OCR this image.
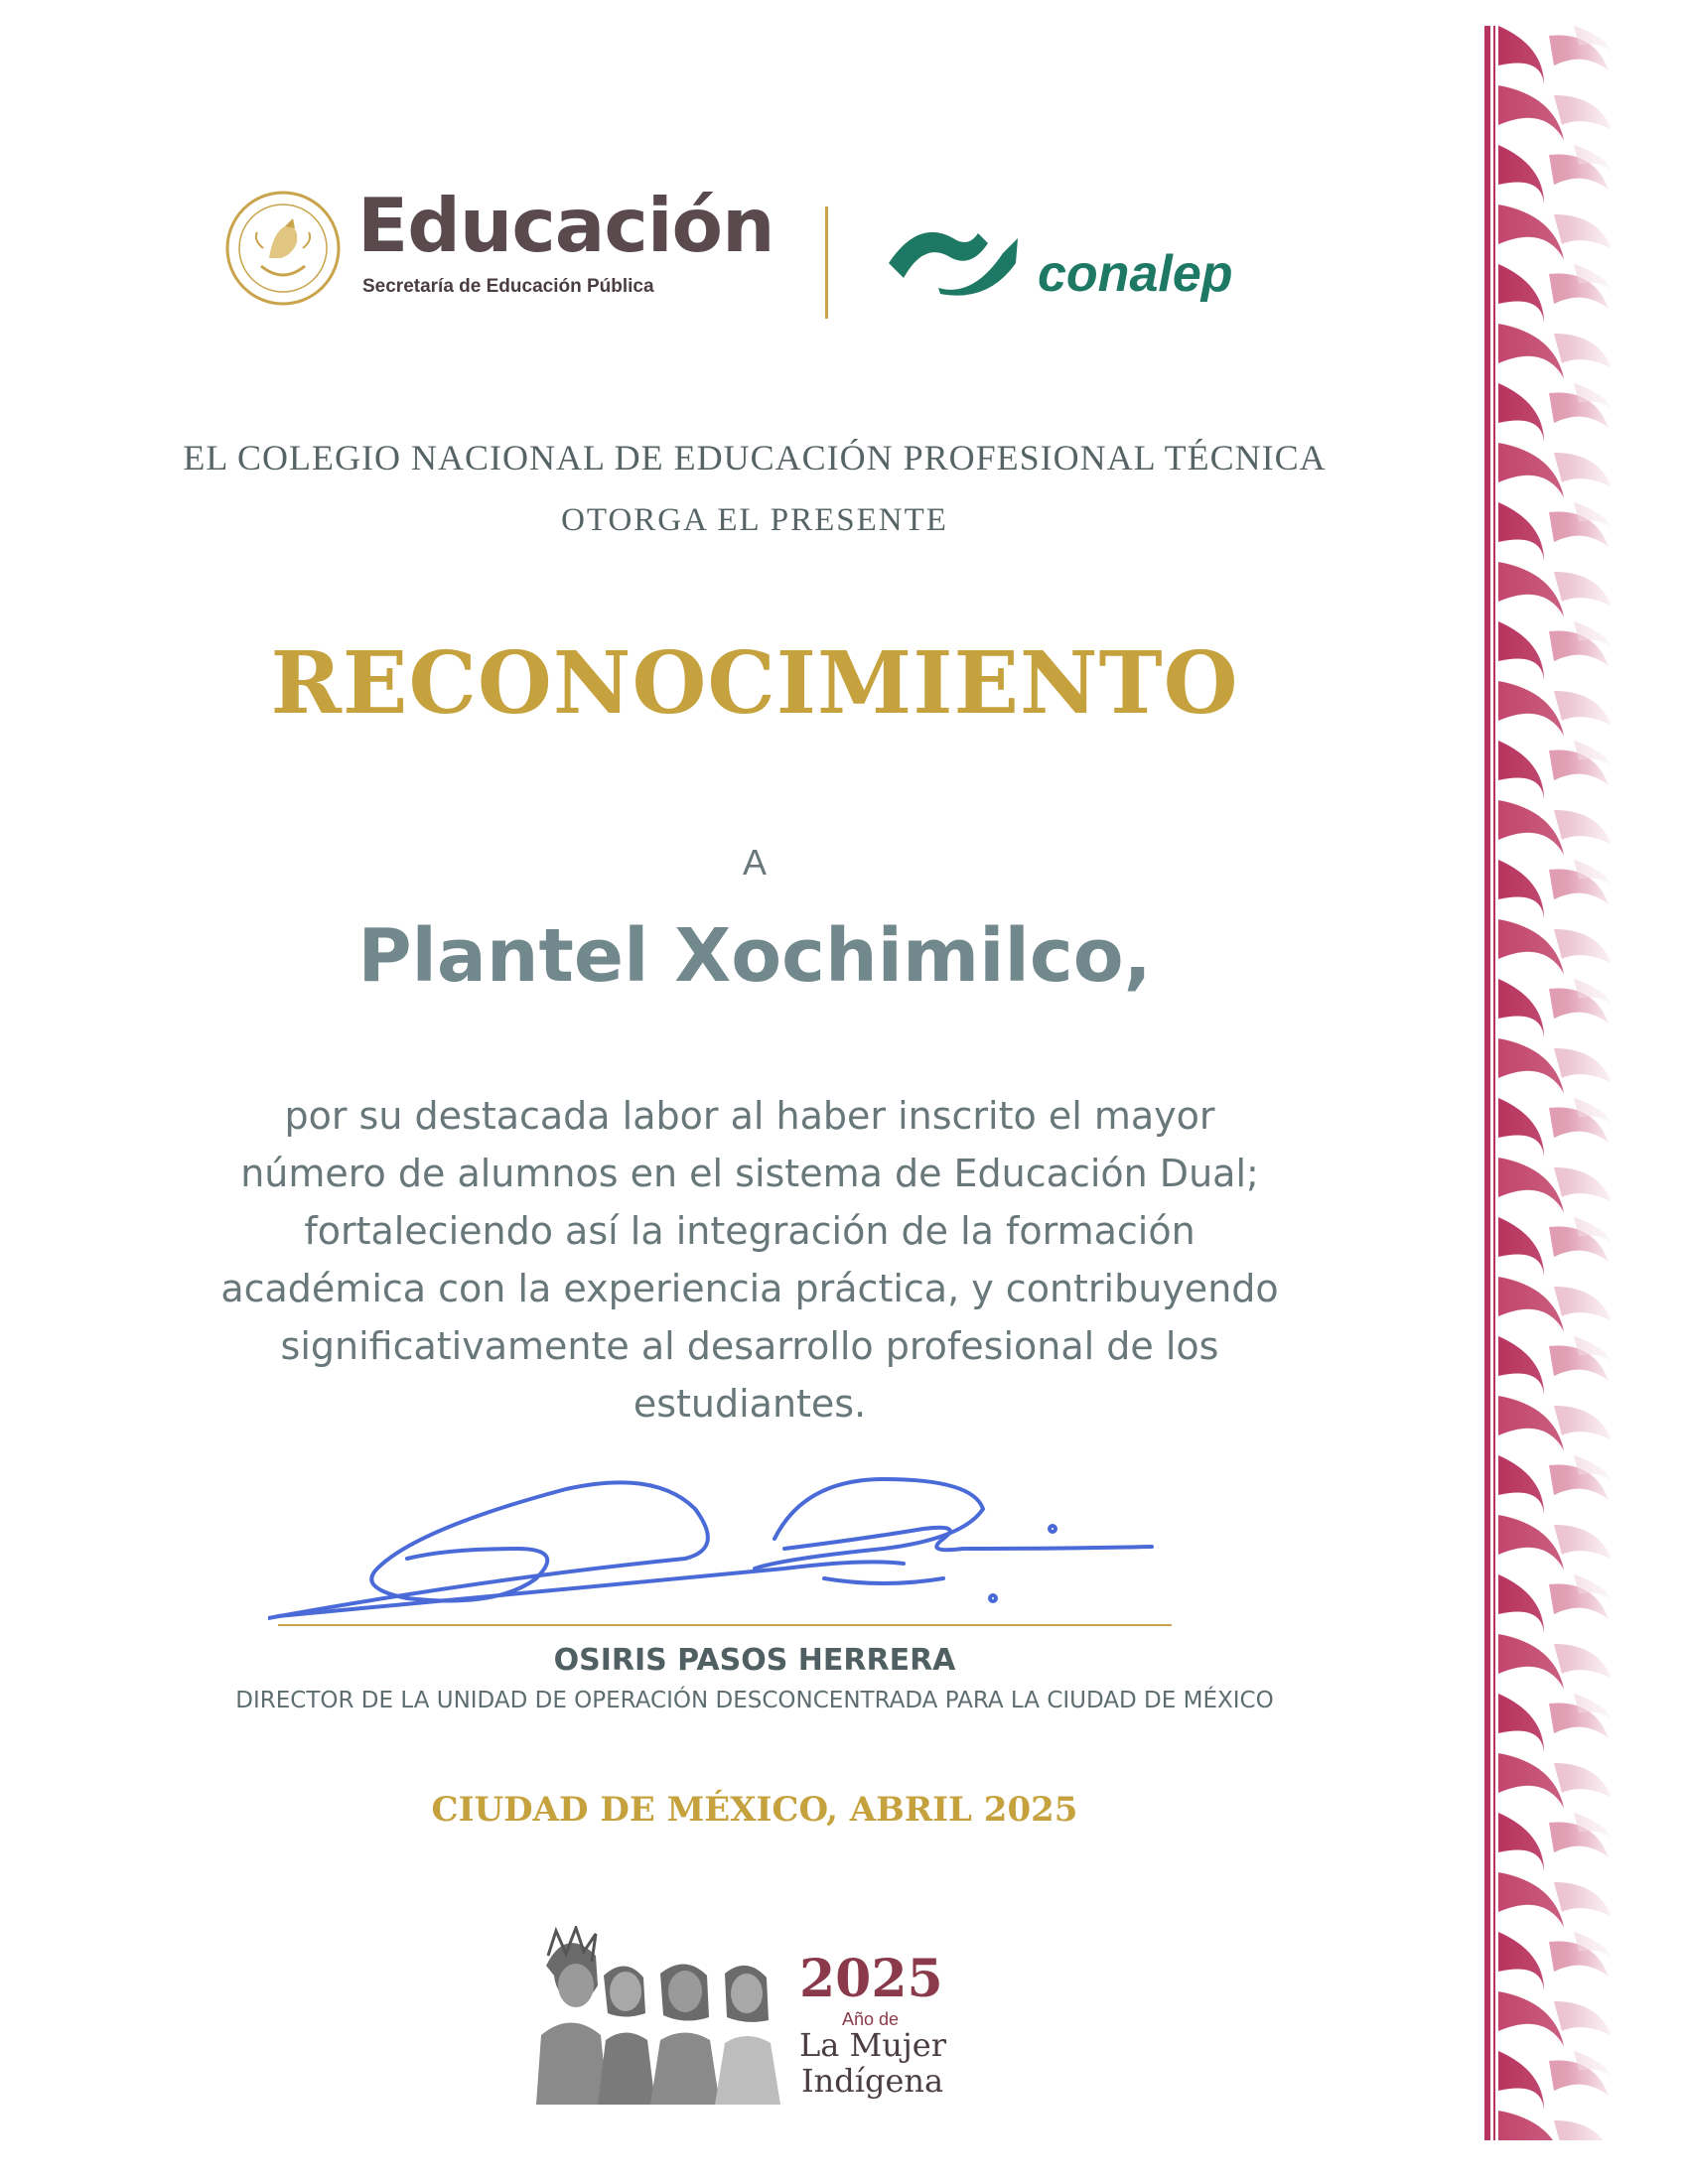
Educación
Secretaría de Educación Pública	conalep
EL COLEGIO NACIONAL DE EDUCACIÓN PROFESIONAL TÉCNICA
OTORGA EL PRESENTE
RECONOCIMIENTO
A
Plantel Xochimilco,
por su destacada labor al haber inscrito el mayor
número de alumnos en el sistema de Educación Dual;
fortaleciendo así la integración de la formación
académica con la experiencia práctica, y contribuyendo
significativamente al desarrollo profesional de los
estudiantes.
OSIRIS PASOS HERRERA
DIRECTOR DE LA UNIDAD DE OPERACIÓN DESCONCENTRADA PARA LA CIUDAD DE MÉXICO
CIUDAD DE MÉXICO, ABRIL 2025
2025
Año de
La Mujer
Indígena
